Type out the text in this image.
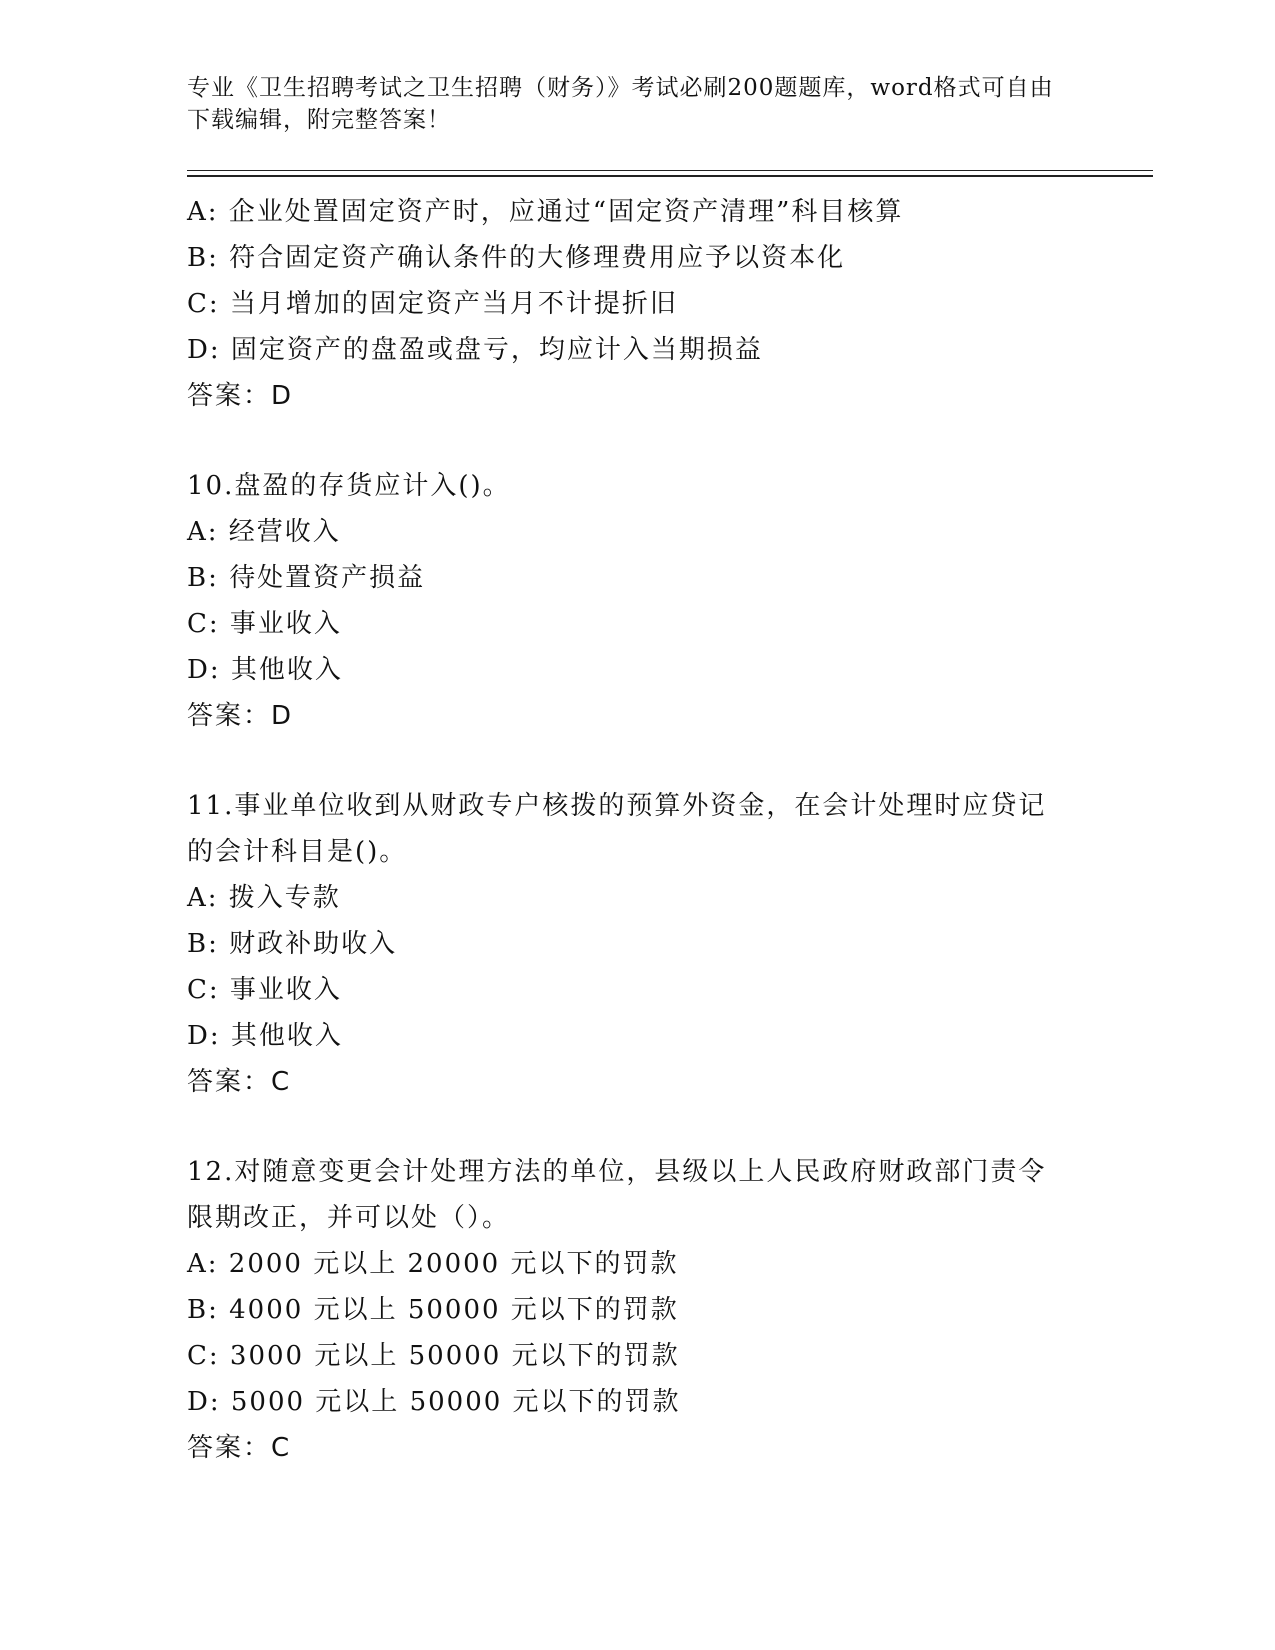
专业《卫生招聘考试之卫生招聘（财务）》考试必刷200题题库，word格式可自由下载编辑，附完整答案！
A: 企业处置固定资产时，应通过“固定资产清理”科目核算
B: 符合固定资产确认条件的大修理费用应予以资本化
C: 当月增加的固定资产当月不计提折旧
D: 固定资产的盘盈或盘亏，均应计入当期损益
答案：D
10.盘盈的存货应计入()。
A: 经营收入
B: 待处置资产损益
C: 事业收入
D: 其他收入
答案：D
11.事业单位收到从财政专户核拨的预算外资金，在会计处理时应贷记的会计科目是()。
A: 拨入专款
B: 财政补助收入
C: 事业收入
D: 其他收入
答案：C
12.对随意变更会计处理方法的单位，县级以上人民政府财政部门责令限期改正，并可以处（）。
A: 2000 元以上 20000 元以下的罚款
B: 4000 元以上 50000 元以下的罚款
C: 3000 元以上 50000 元以下的罚款
D: 5000 元以上 50000 元以下的罚款
答案：C
